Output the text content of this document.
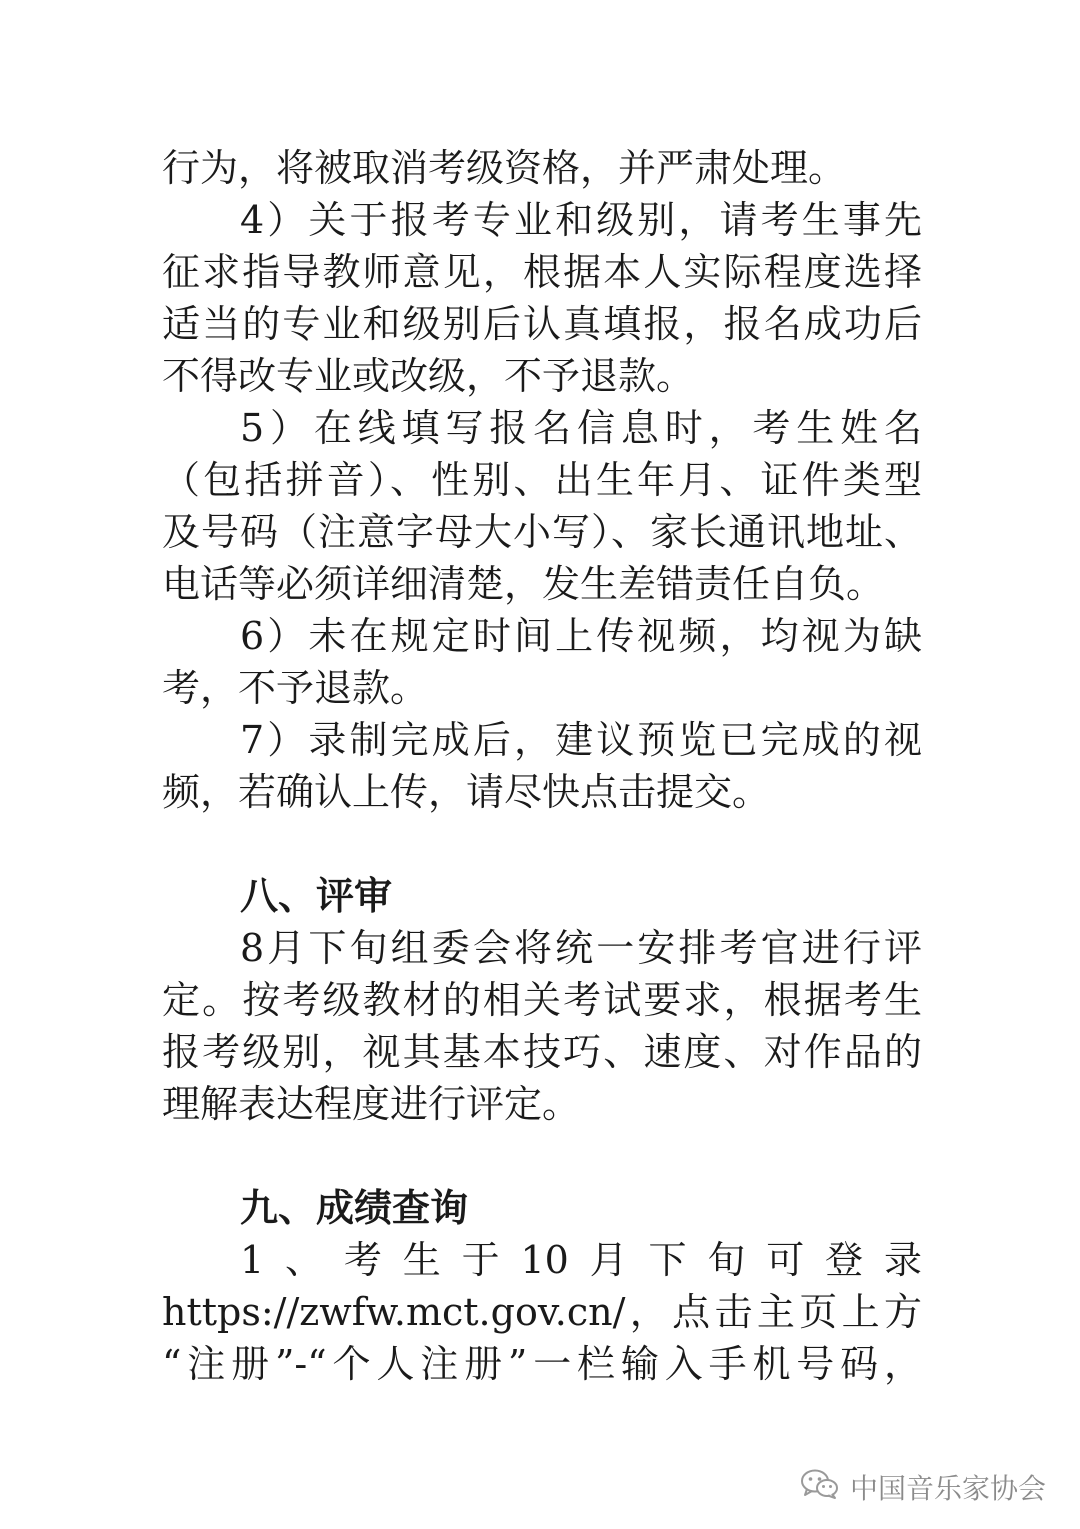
行为，将被取消考级资格，并严肃处理。
4）关于报考专业和级别，请考生事先
征求指导教师意见，根据本人实际程度选择
适当的专业和级别后认真填报，报名成功后
不得改专业或改级，不予退款。
5）在线填写报名信息时，考生姓名
（包括拼音）、性别、出生年月、证件类型
及号码（注意字母大小写）、家长通讯地址、
电话等必须详细清楚，发生差错责任自负。
6）未在规定时间上传视频，均视为缺
考，不予退款。
7）录制完成后，建议预览已完成的视
频，若确认上传，请尽快点击提交。
八、评审
8月下旬组委会将统一安排考官进行评
定。按考级教材的相关考试要求，根据考生
报考级别，视其基本技巧、速度、对作品的
理解表达程度进行评定。
九、成绩查询
1、考生于10月下旬可登录
https://zwfw.mct.gov.cn/，点击主页上方
“注册”-“个人注册”一栏输入手机号码，
中国音乐家协会
